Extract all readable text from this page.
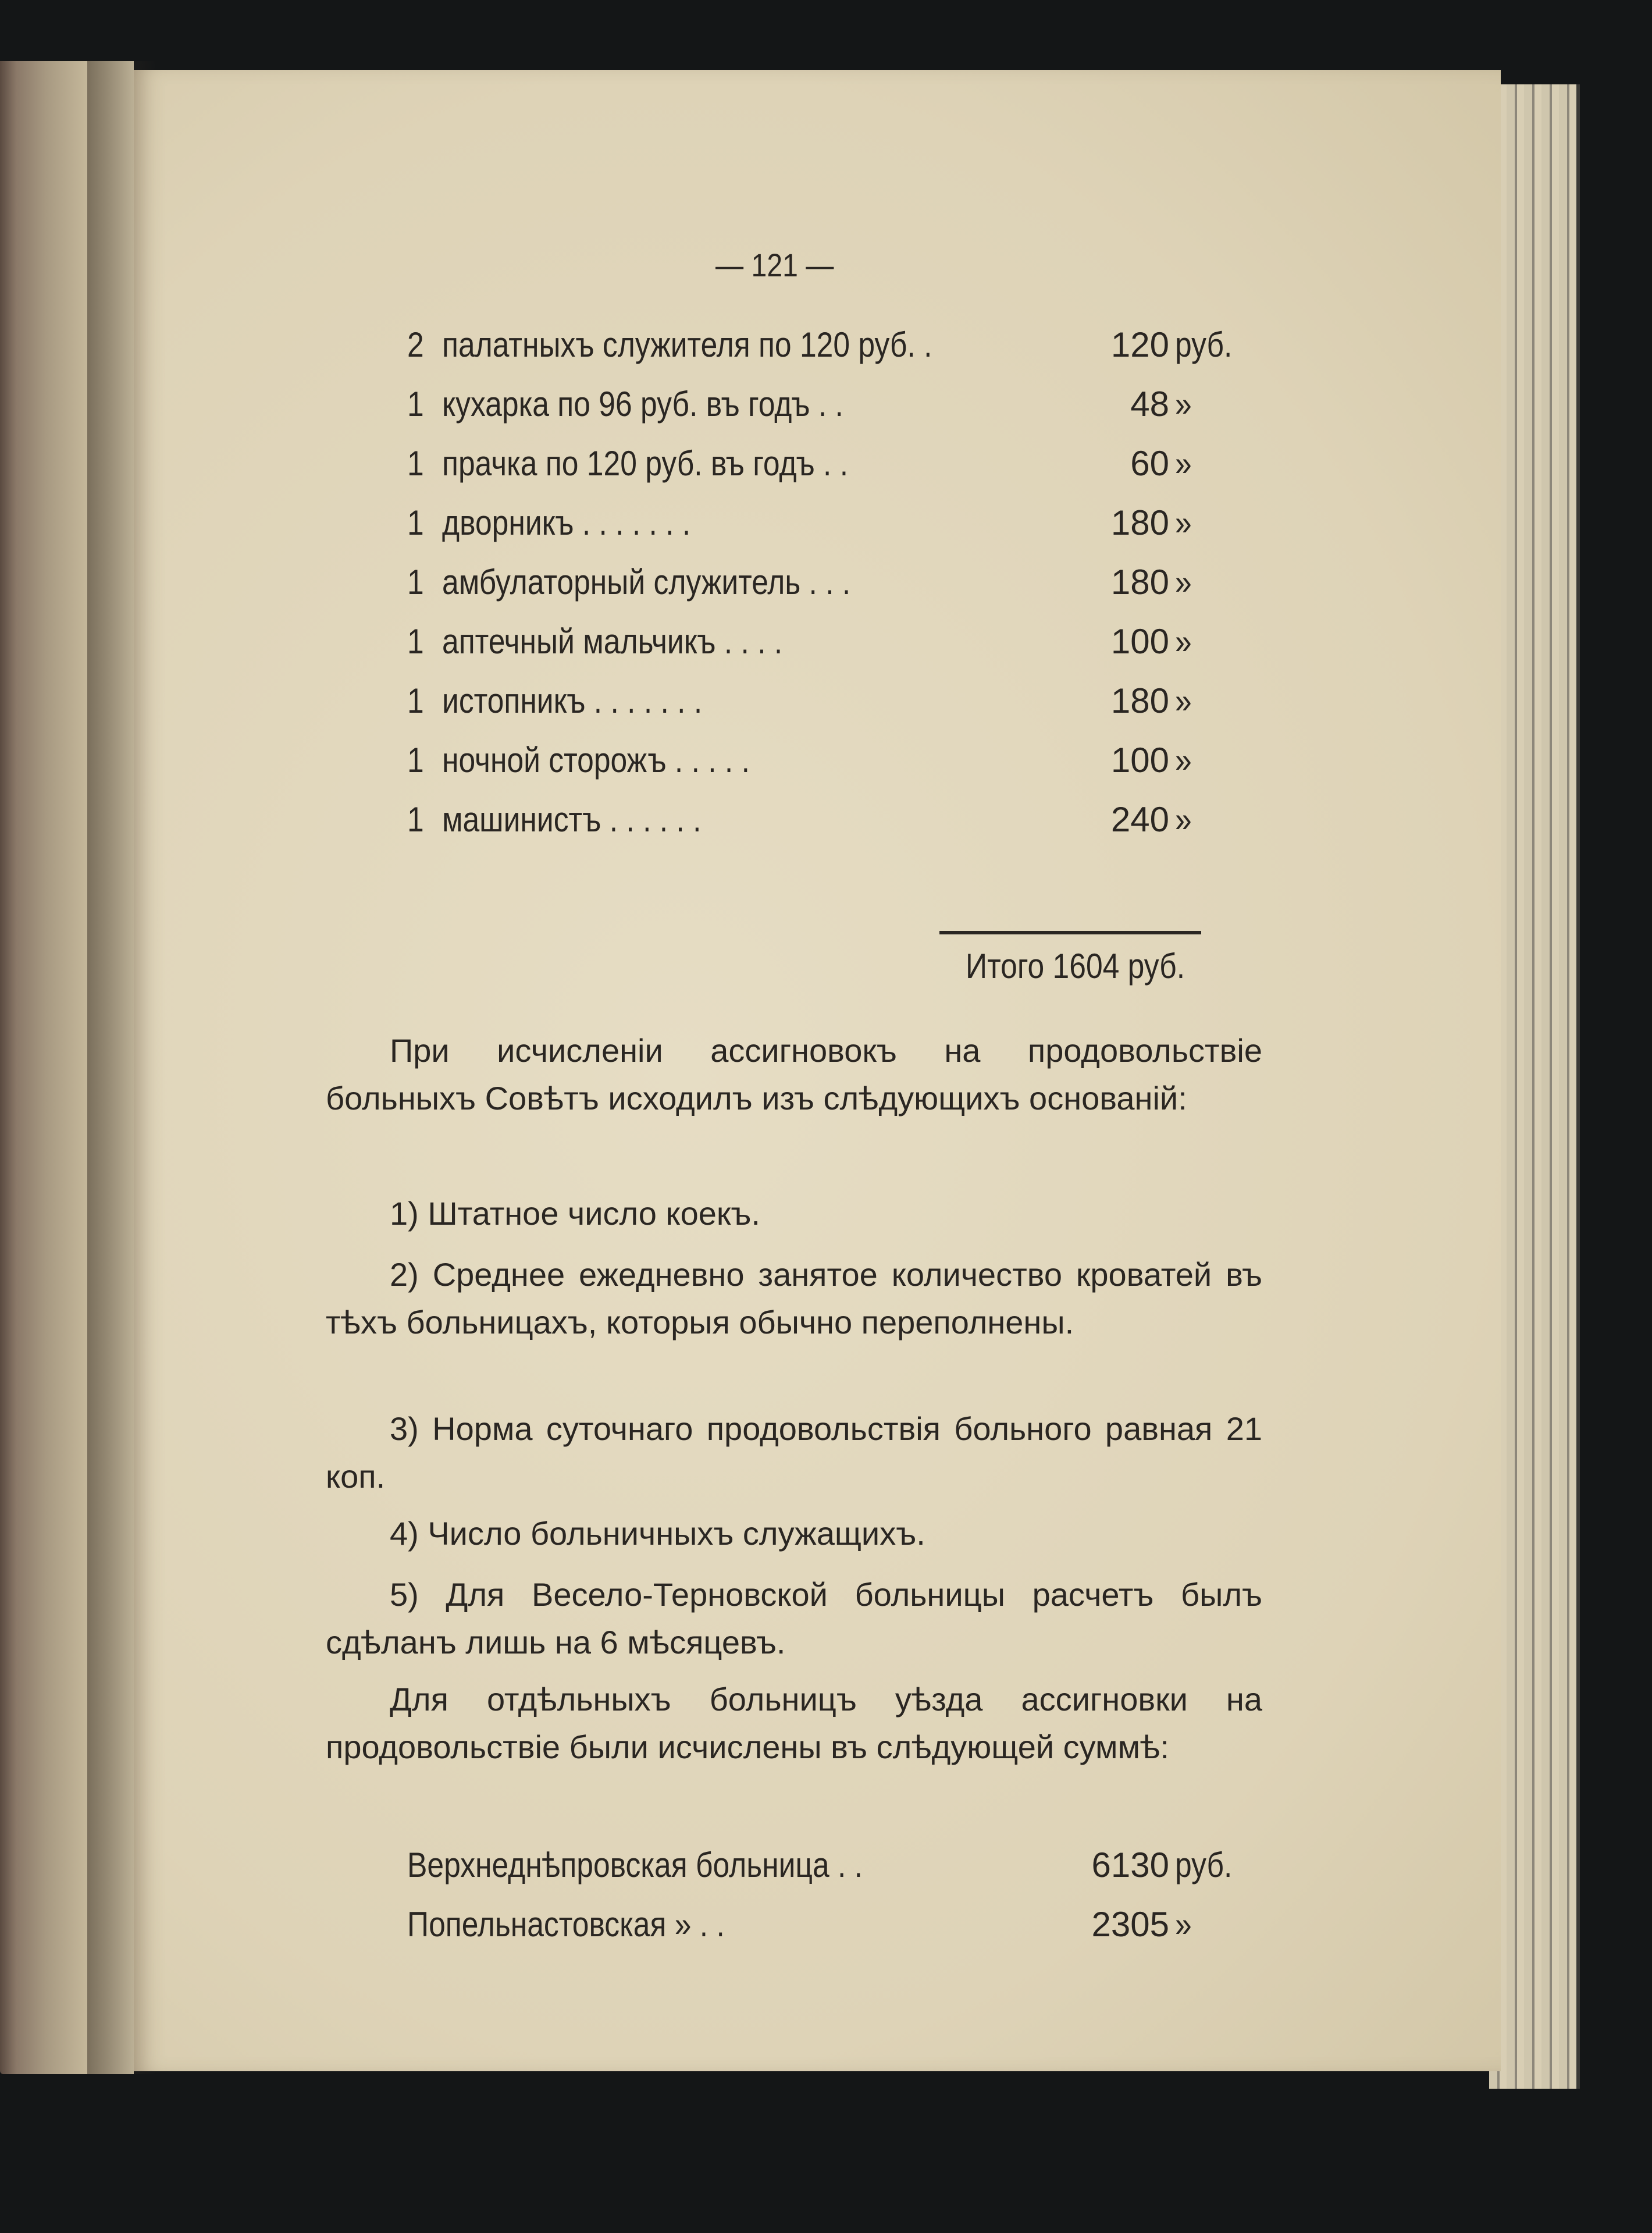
— 121 —
2 палатныхъ служителя по 120 руб. .	120 руб.
1 кухарка по 96 руб. въ годъ . .	48 »
1 прачка по 120 руб. въ годъ . .	60 »
1 дворникъ . . . . . . .	180 »
1 амбулаторный служитель . . .	180 »
1 аптечный мальчикъ . . . .	100 »
1 истопникъ . . . . . . .	180 »
1 ночной сторожъ . . . . .	100 »
1 машинистъ . . . . . .	240 »
Итого 1604 руб.
При исчисленіи ассигновокъ на продовольствіе больныхъ Совѣтъ исходилъ изъ слѣдующихъ основаній:
1) Штатное число коекъ.
2) Среднее ежедневно занятое количество кроватей въ тѣхъ больницахъ, которыя обычно переполнены.
3) Норма суточнаго продовольствія больного равная 21 коп.
4) Число больничныхъ служащихъ.
5) Для Весело-Терновской больницы расчетъ былъ сдѣланъ лишь на 6 мѣсяцевъ.
Для отдѣльныхъ больницъ уѣзда ассигновки на продовольствіе были исчислены въ слѣдующей суммѣ:
Верхнеднѣпровская больница . .	6130 руб.
Попельнастовская » . .	2305 »
